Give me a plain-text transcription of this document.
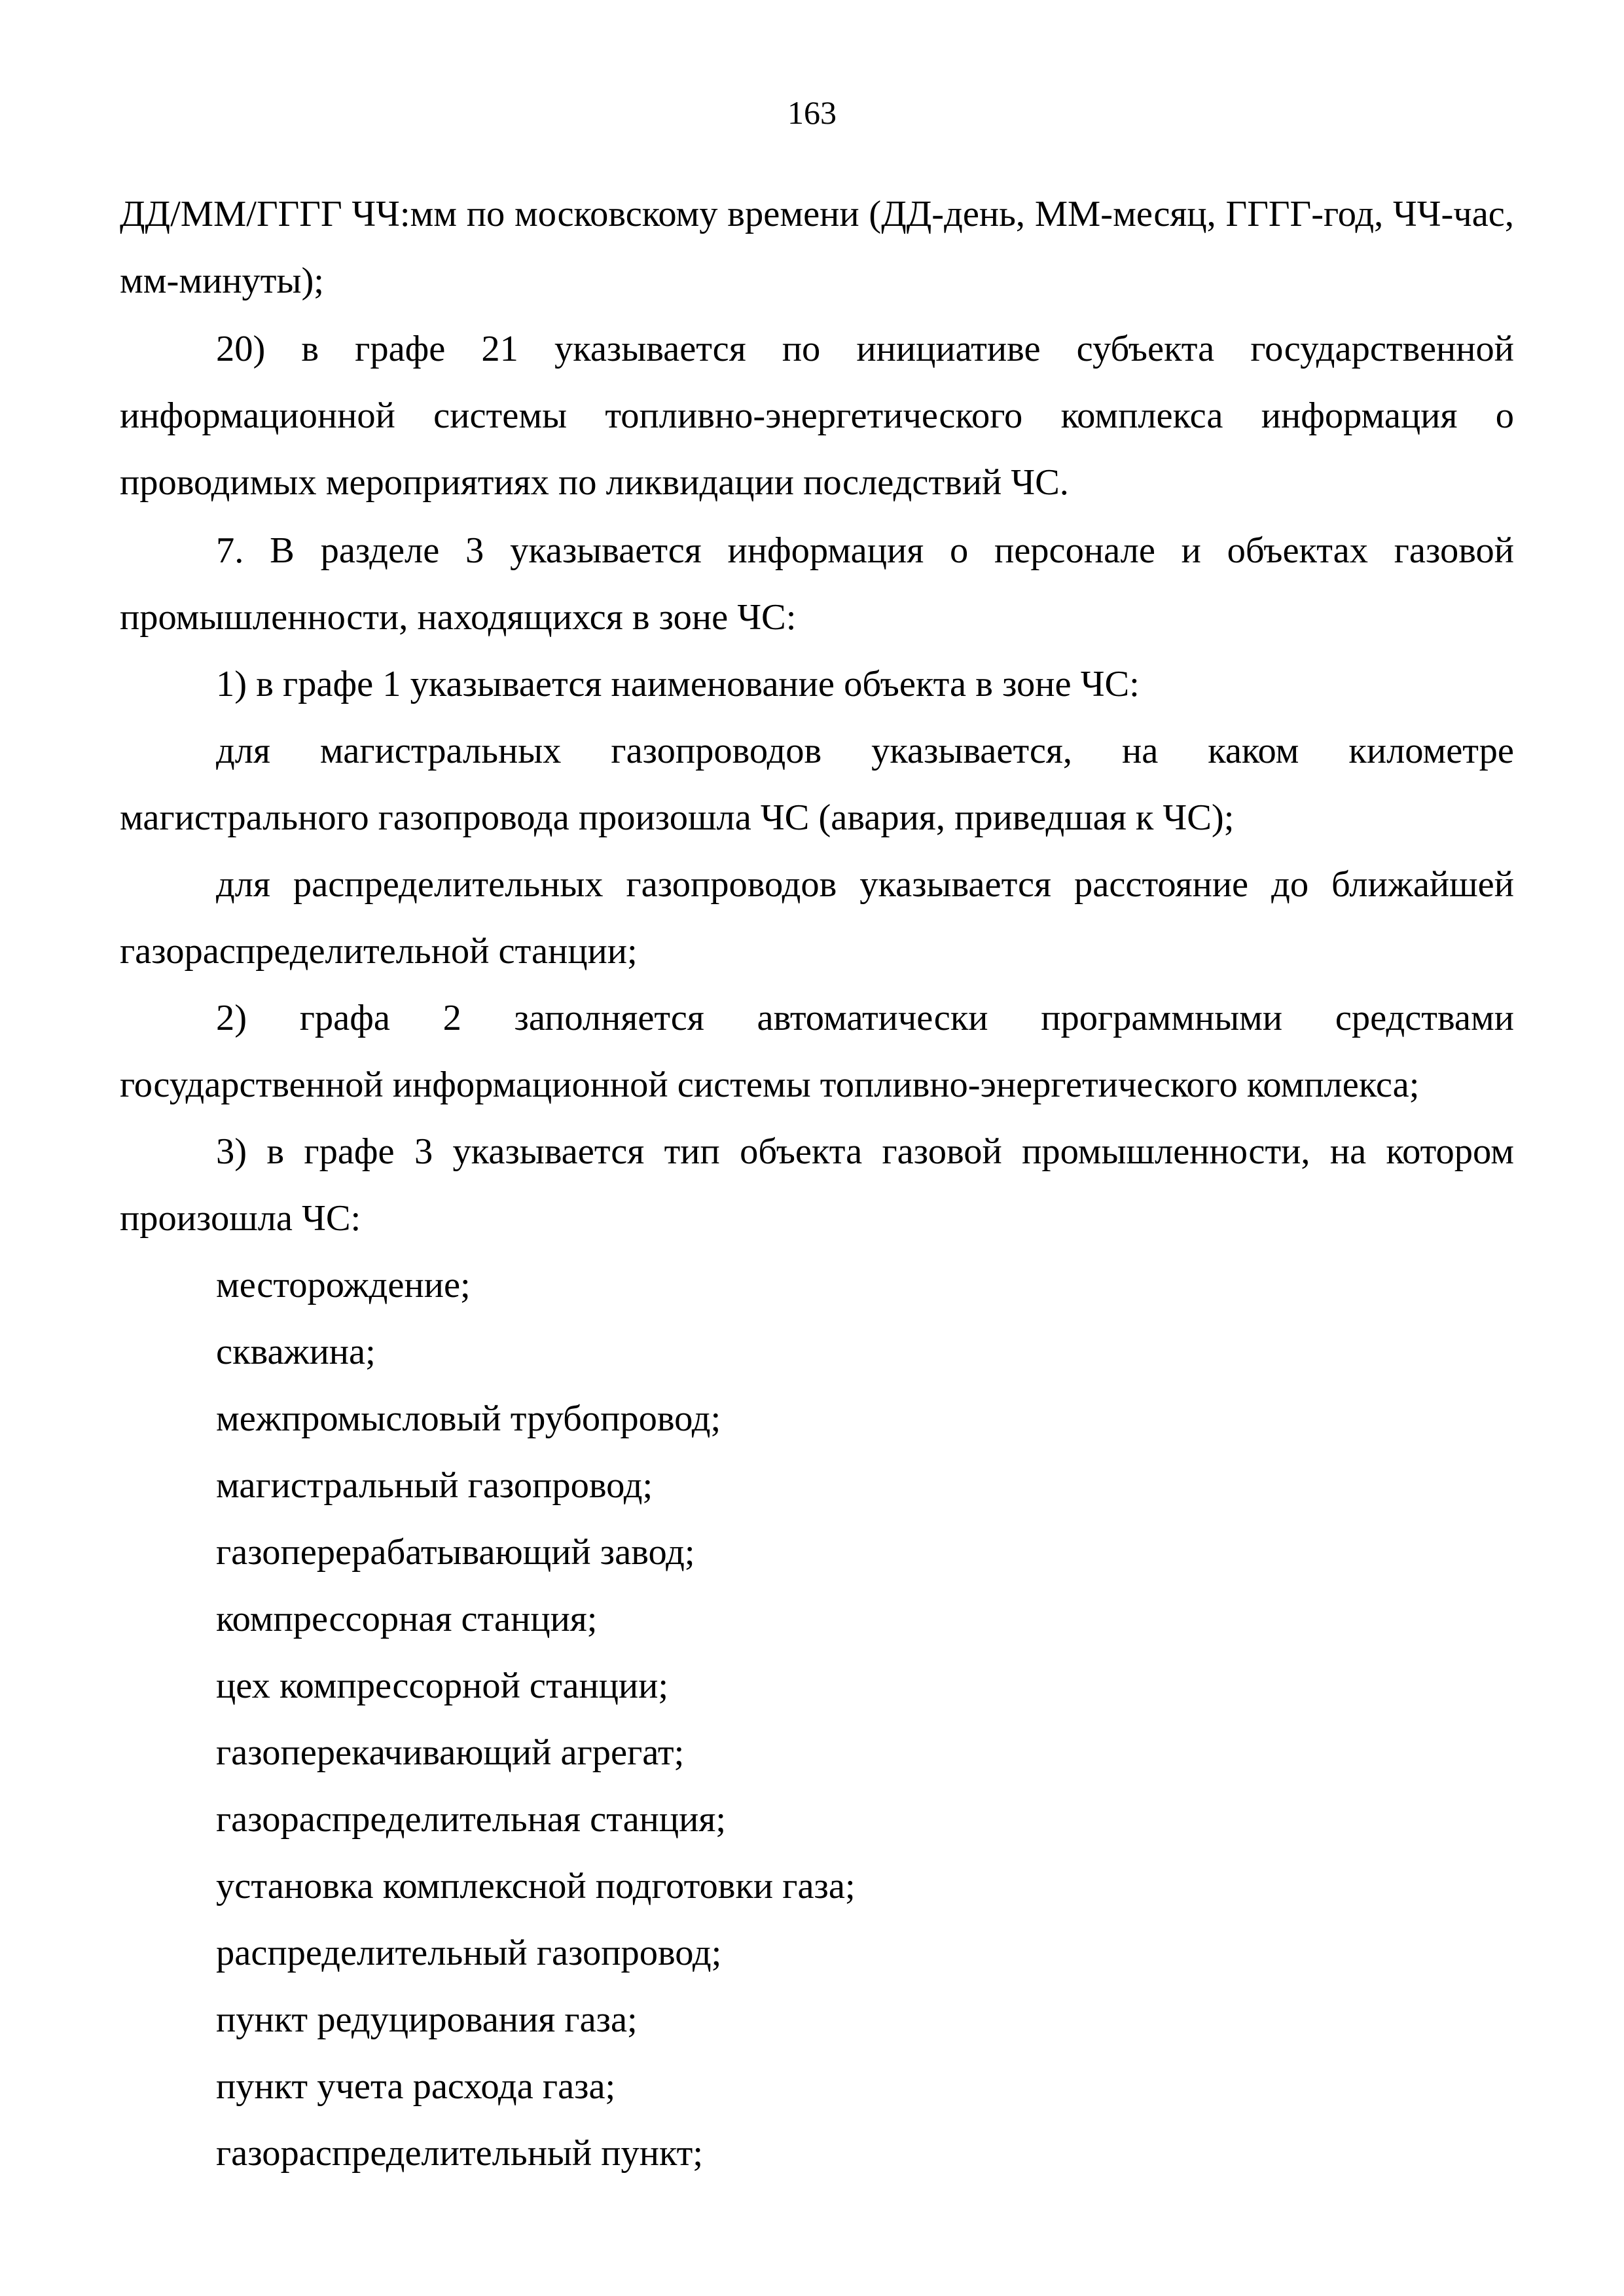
163

ДД/ММ/ГГГГ ЧЧ:мм по московскому времени (ДД-день, ММ-месяц, ГГГГ-год, ЧЧ-час, мм-минуты);

20) в графе 21 указывается по инициативе субъекта государственной информационной системы топливно-энергетического комплекса информация о проводимых мероприятиях по ликвидации последствий ЧС.

7. В разделе 3 указывается информация о персонале и объектах газовой промышленности, находящихся в зоне ЧС:

1) в графе 1 указывается наименование объекта в зоне ЧС:

для магистральных газопроводов указывается, на каком километре магистрального газопровода произошла ЧС (авария, приведшая к ЧС);

для распределительных газопроводов указывается расстояние до ближайшей газораспределительной станции;

2) графа 2 заполняется автоматически программными средствами государственной информационной системы топливно-энергетического комплекса;

3) в графе 3 указывается тип объекта газовой промышленности, на котором произошла ЧС:

месторождение;

скважина;

межпромысловый трубопровод;

магистральный газопровод;

газоперерабатывающий завод;

компрессорная станция;

цех компрессорной станции;

газоперекачивающий агрегат;

газораспределительная станция;

установка комплексной подготовки газа;

распределительный газопровод;

пункт редуцирования газа;

пункт учета расхода газа;

газораспределительный пункт;
